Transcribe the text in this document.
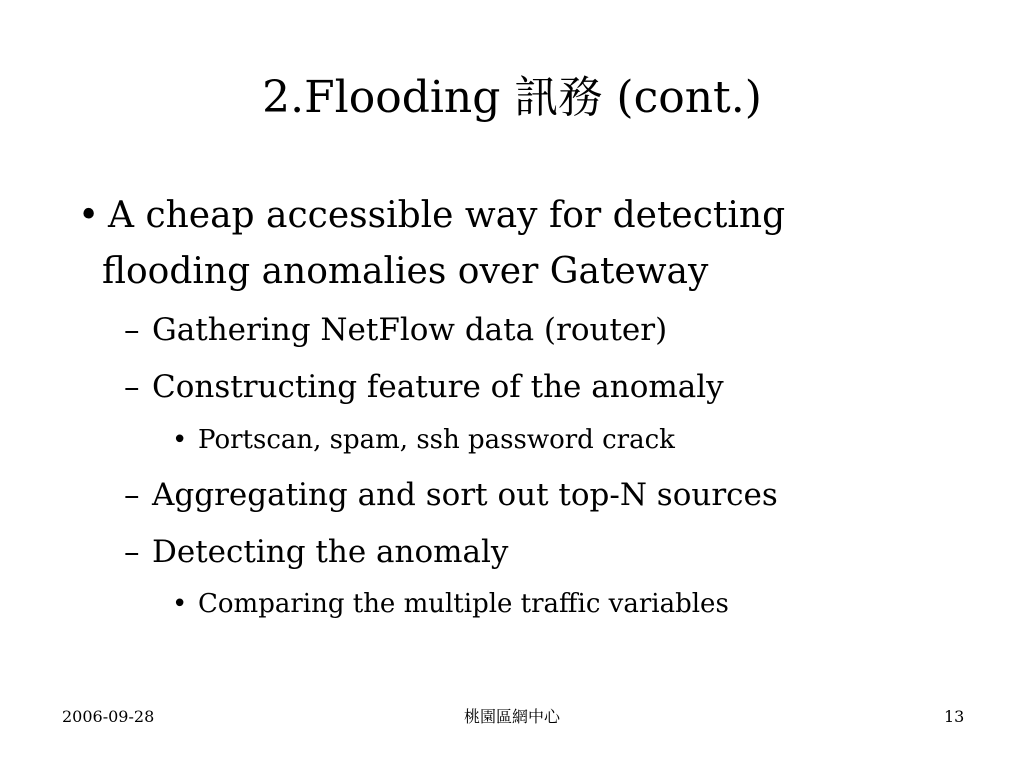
2.Flooding 訊務 (cont.)
• A cheap accessible way for detecting
flooding anomalies over Gateway
– Gathering NetFlow data (router)
– Constructing feature of the anomaly
• Portscan, spam, ssh password crack
– Aggregating and sort out top-N sources
– Detecting the anomaly
• Comparing the multiple traffic variables
2006-09-28	桃園區網中心	13
